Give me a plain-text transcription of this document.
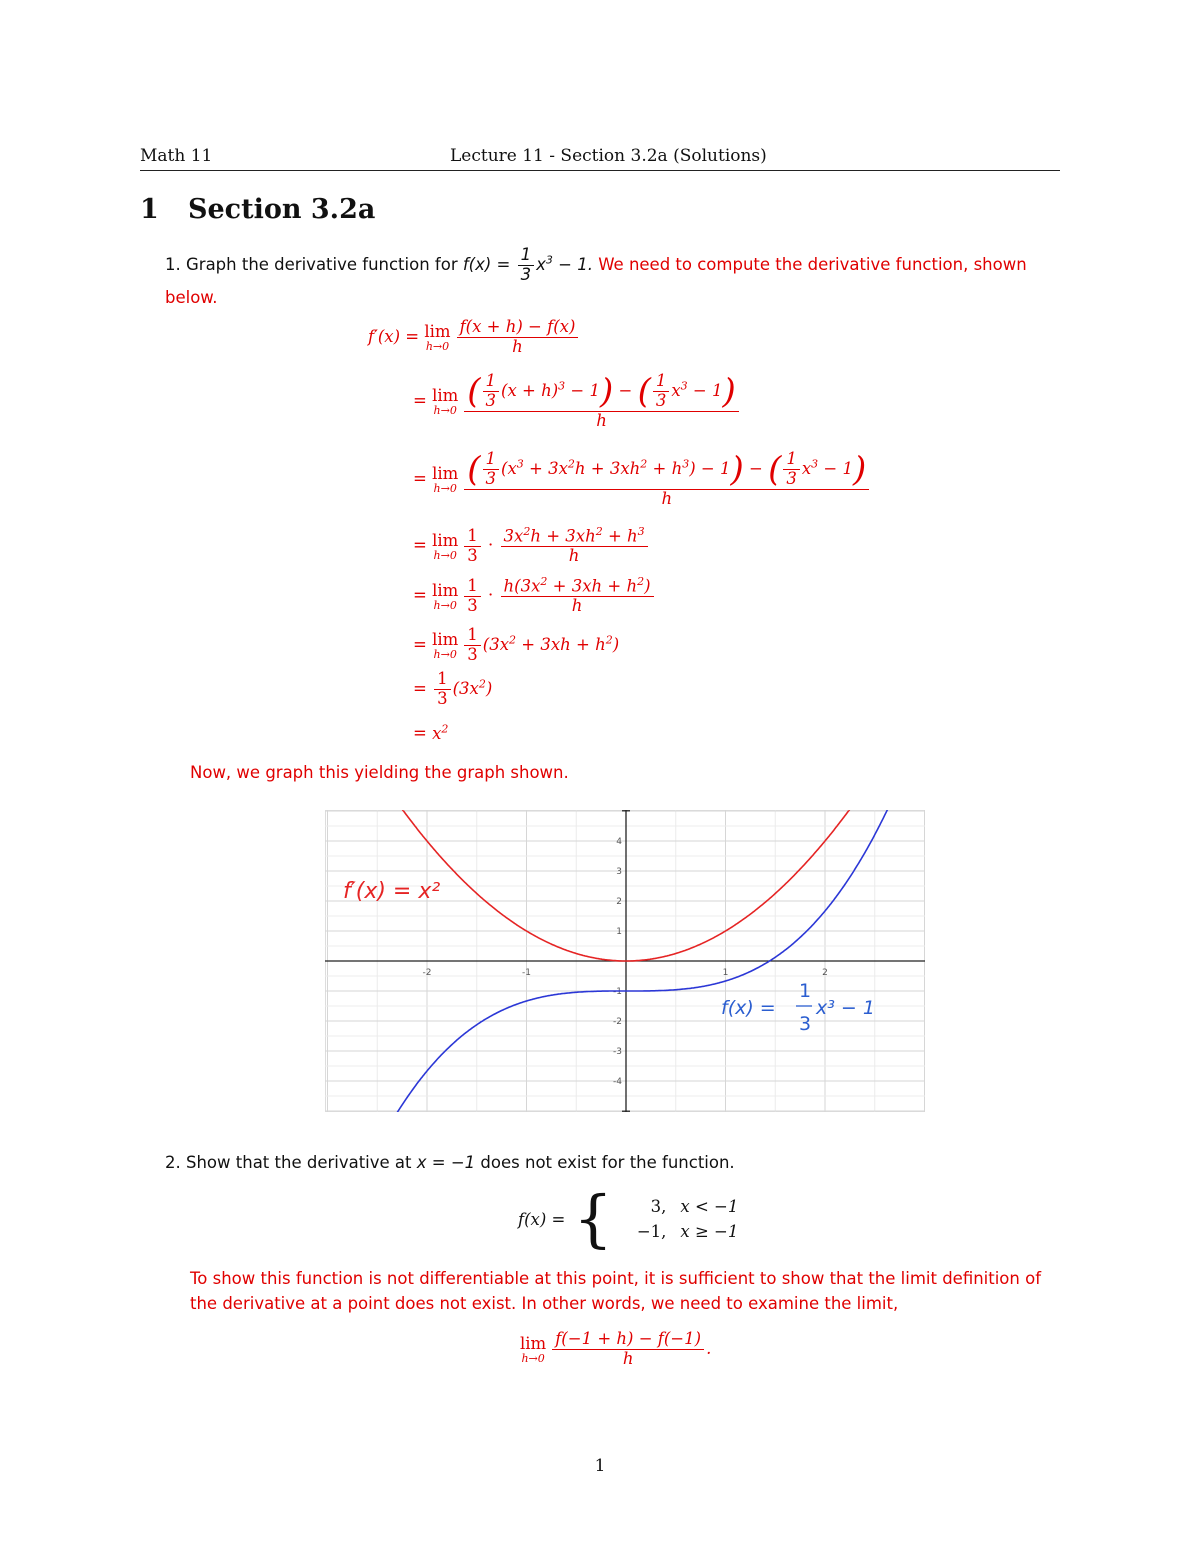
Math 11	Lecture 11 - Section 3.2a (Solutions)
1 Section 3.2a
1. Graph the derivative function for $f(x) = \frac{1}{3} x^3 - 1$. We need to compute the derivative function, shown below.
f′(x) = lim
$h\to 0 \frac{f(x + h) - f(x)}{h}$
= lim
$h\to 0 \frac{( \frac{1}{3} (x + h)^3 - 1) - ( \frac{1}{3} x^3 - 1)}{h}$
= lim
$h\to 0 \frac{( \frac{1}{3} (x^3 + 3x^2h + 3xh^2 + h^3) - 1) - ( \frac{1}{3} x^3 - 1)}{h}$
= lim
$h\to 0 \frac{1}{3} \cdot \frac{3x^2h + 3xh^2 + h^3}{h}$
= lim
$h\to 0 \frac{1}{3} \cdot \frac{h(3x^2 + 3xh + h^2)}{h}$
= lim
$h\to 0 \frac{1}{3} (3x^2 + 3xh + h^2)$
= $\frac{1}{3} (3x^2)$
= $x^2$
Now, we graph this yielding the graph shown.
-2	-1	1	2
4
3
2
1
-1
-2
-3
-4
f′(x) = x²
f(x) =
1
3
x³ − 1
2. Show that the derivative at x = −1 does not exist for the function.
f(x) = { 3,	x < −1
−1,	x ≥ −1
To show this function is not differentiable at this point, it is sufficient to show that the limit definition of the derivative at a point does not exist. In other words, we need to examine the limit,
lim
$h\to 0 \frac{f(-1 + h) - f(-1)}{h}$ .
1
